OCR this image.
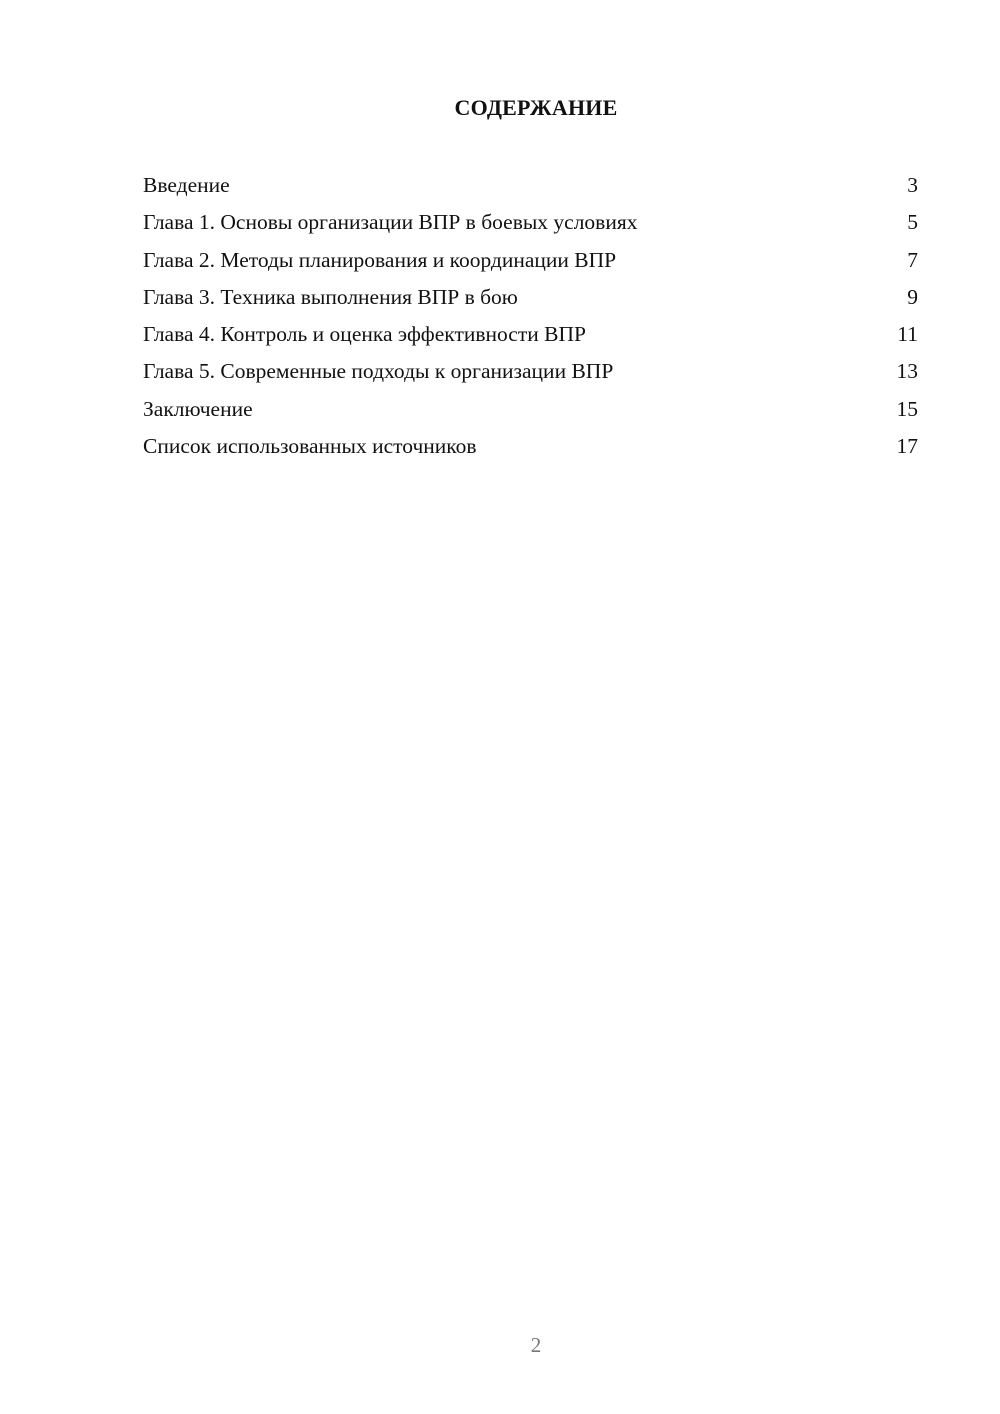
СОДЕРЖАНИЕ
Введение	3
Глава 1. Основы организации ВПР в боевых условиях	5
Глава 2. Методы планирования и координации ВПР	7
Глава 3. Техника выполнения ВПР в бою	9
Глава 4. Контроль и оценка эффективности ВПР	11
Глава 5. Современные подходы к организации ВПР	13
Заключение	15
Список использованных источников	17
2
